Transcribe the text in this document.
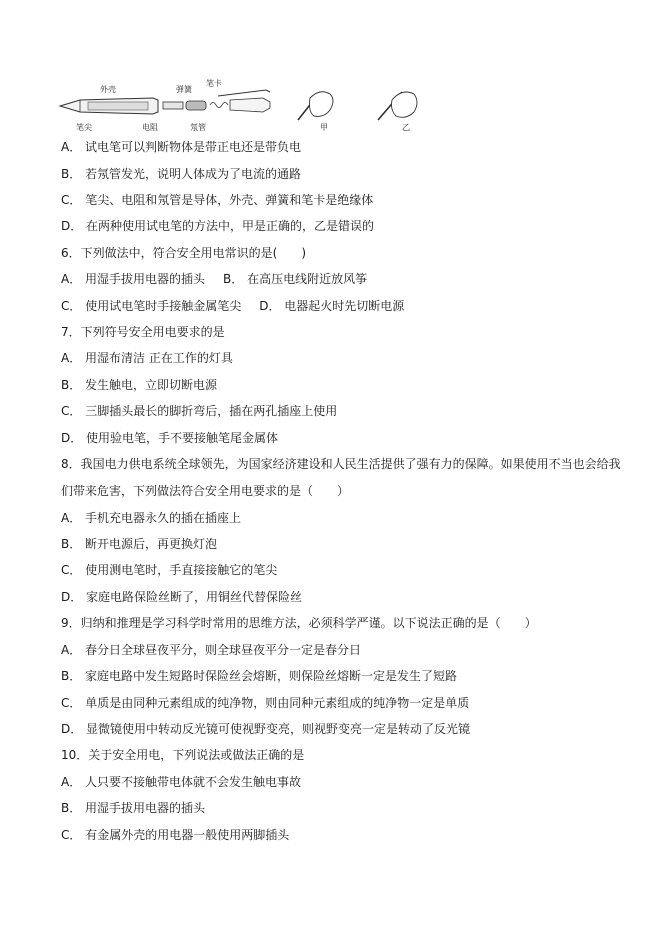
外壳
笔尖	电阻
弹簧
笔卡
氖管	甲	乙
A． 试电笔可以判断物体是带正电还是带负电
B． 若氖管发光，说明人体成为了电流的通路
C． 笔尖、电阻和氖管是导体，外壳、弹簧和笔卡是绝缘体
D． 在两种使用试电笔的方法中，甲是正确的，乙是错误的
6．下列做法中，符合安全用电常识的是(　　)
A． 用湿手拔用电器的插头 B． 在高压电线附近放风筝
C． 使用试电笔时手接触金属笔尖 D． 电器起火时先切断电源
7．下列符号安全用电要求的是
A． 用湿布清洁 正在工作的灯具
B． 发生触电，立即切断电源
C． 三脚插头最长的脚折弯后，插在两孔插座上使用
D． 使用验电笔，手不要接触笔尾金属体
8．我国电力供电系统全球领先，为国家经济建设和人民生活提供了强有力的保障。如果使用不当也会给我
们带来危害，下列做法符合安全用电要求的是（　　）
A． 手机充电器永久的插在插座上
B． 断开电源后，再更换灯泡
C． 使用测电笔时，手直接接触它的笔尖
D． 家庭电路保险丝断了，用铜丝代替保险丝
9．归纳和推理是学习科学时常用的思维方法，必须科学严谨。以下说法正确的是（　　）
A． 春分日全球昼夜平分，则全球昼夜平分一定是春分日
B． 家庭电路中发生短路时保险丝会熔断，则保险丝熔断一定是发生了短路
C． 单质是由同种元素组成的纯净物，则由同种元素组成的纯净物一定是单质
D． 显微镜使用中转动反光镜可使视野变亮，则视野变亮一定是转动了反光镜
10．关于安全用电，下列说法或做法正确的是
A． 人只要不接触带电体就不会发生触电事故
B． 用湿手拔用电器的插头
C． 有金属外壳的用电器一般使用两脚插头
